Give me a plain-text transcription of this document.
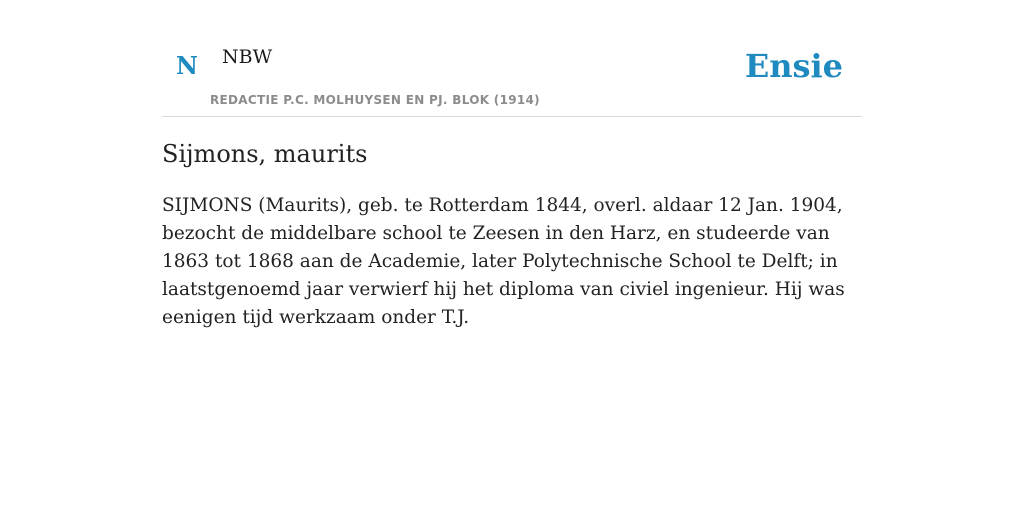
N NBW
REDACTIE P.C. MOLHUYSEN EN PJ. BLOK (1914)
Ensie
Sijmons, maurits

SIJMONS (Maurits), geb. te Rotterdam 1844, overl. aldaar 12 Jan. 1904, bezocht de middelbare school te Zeesen in den Harz, en studeerde van 1863 tot 1868 aan de Academie, later Polytechnische School te Delft; in laatstgenoemd jaar verwierf hij het diploma van civiel ingenieur. Hij was eenigen tijd werkzaam onder T.J.
